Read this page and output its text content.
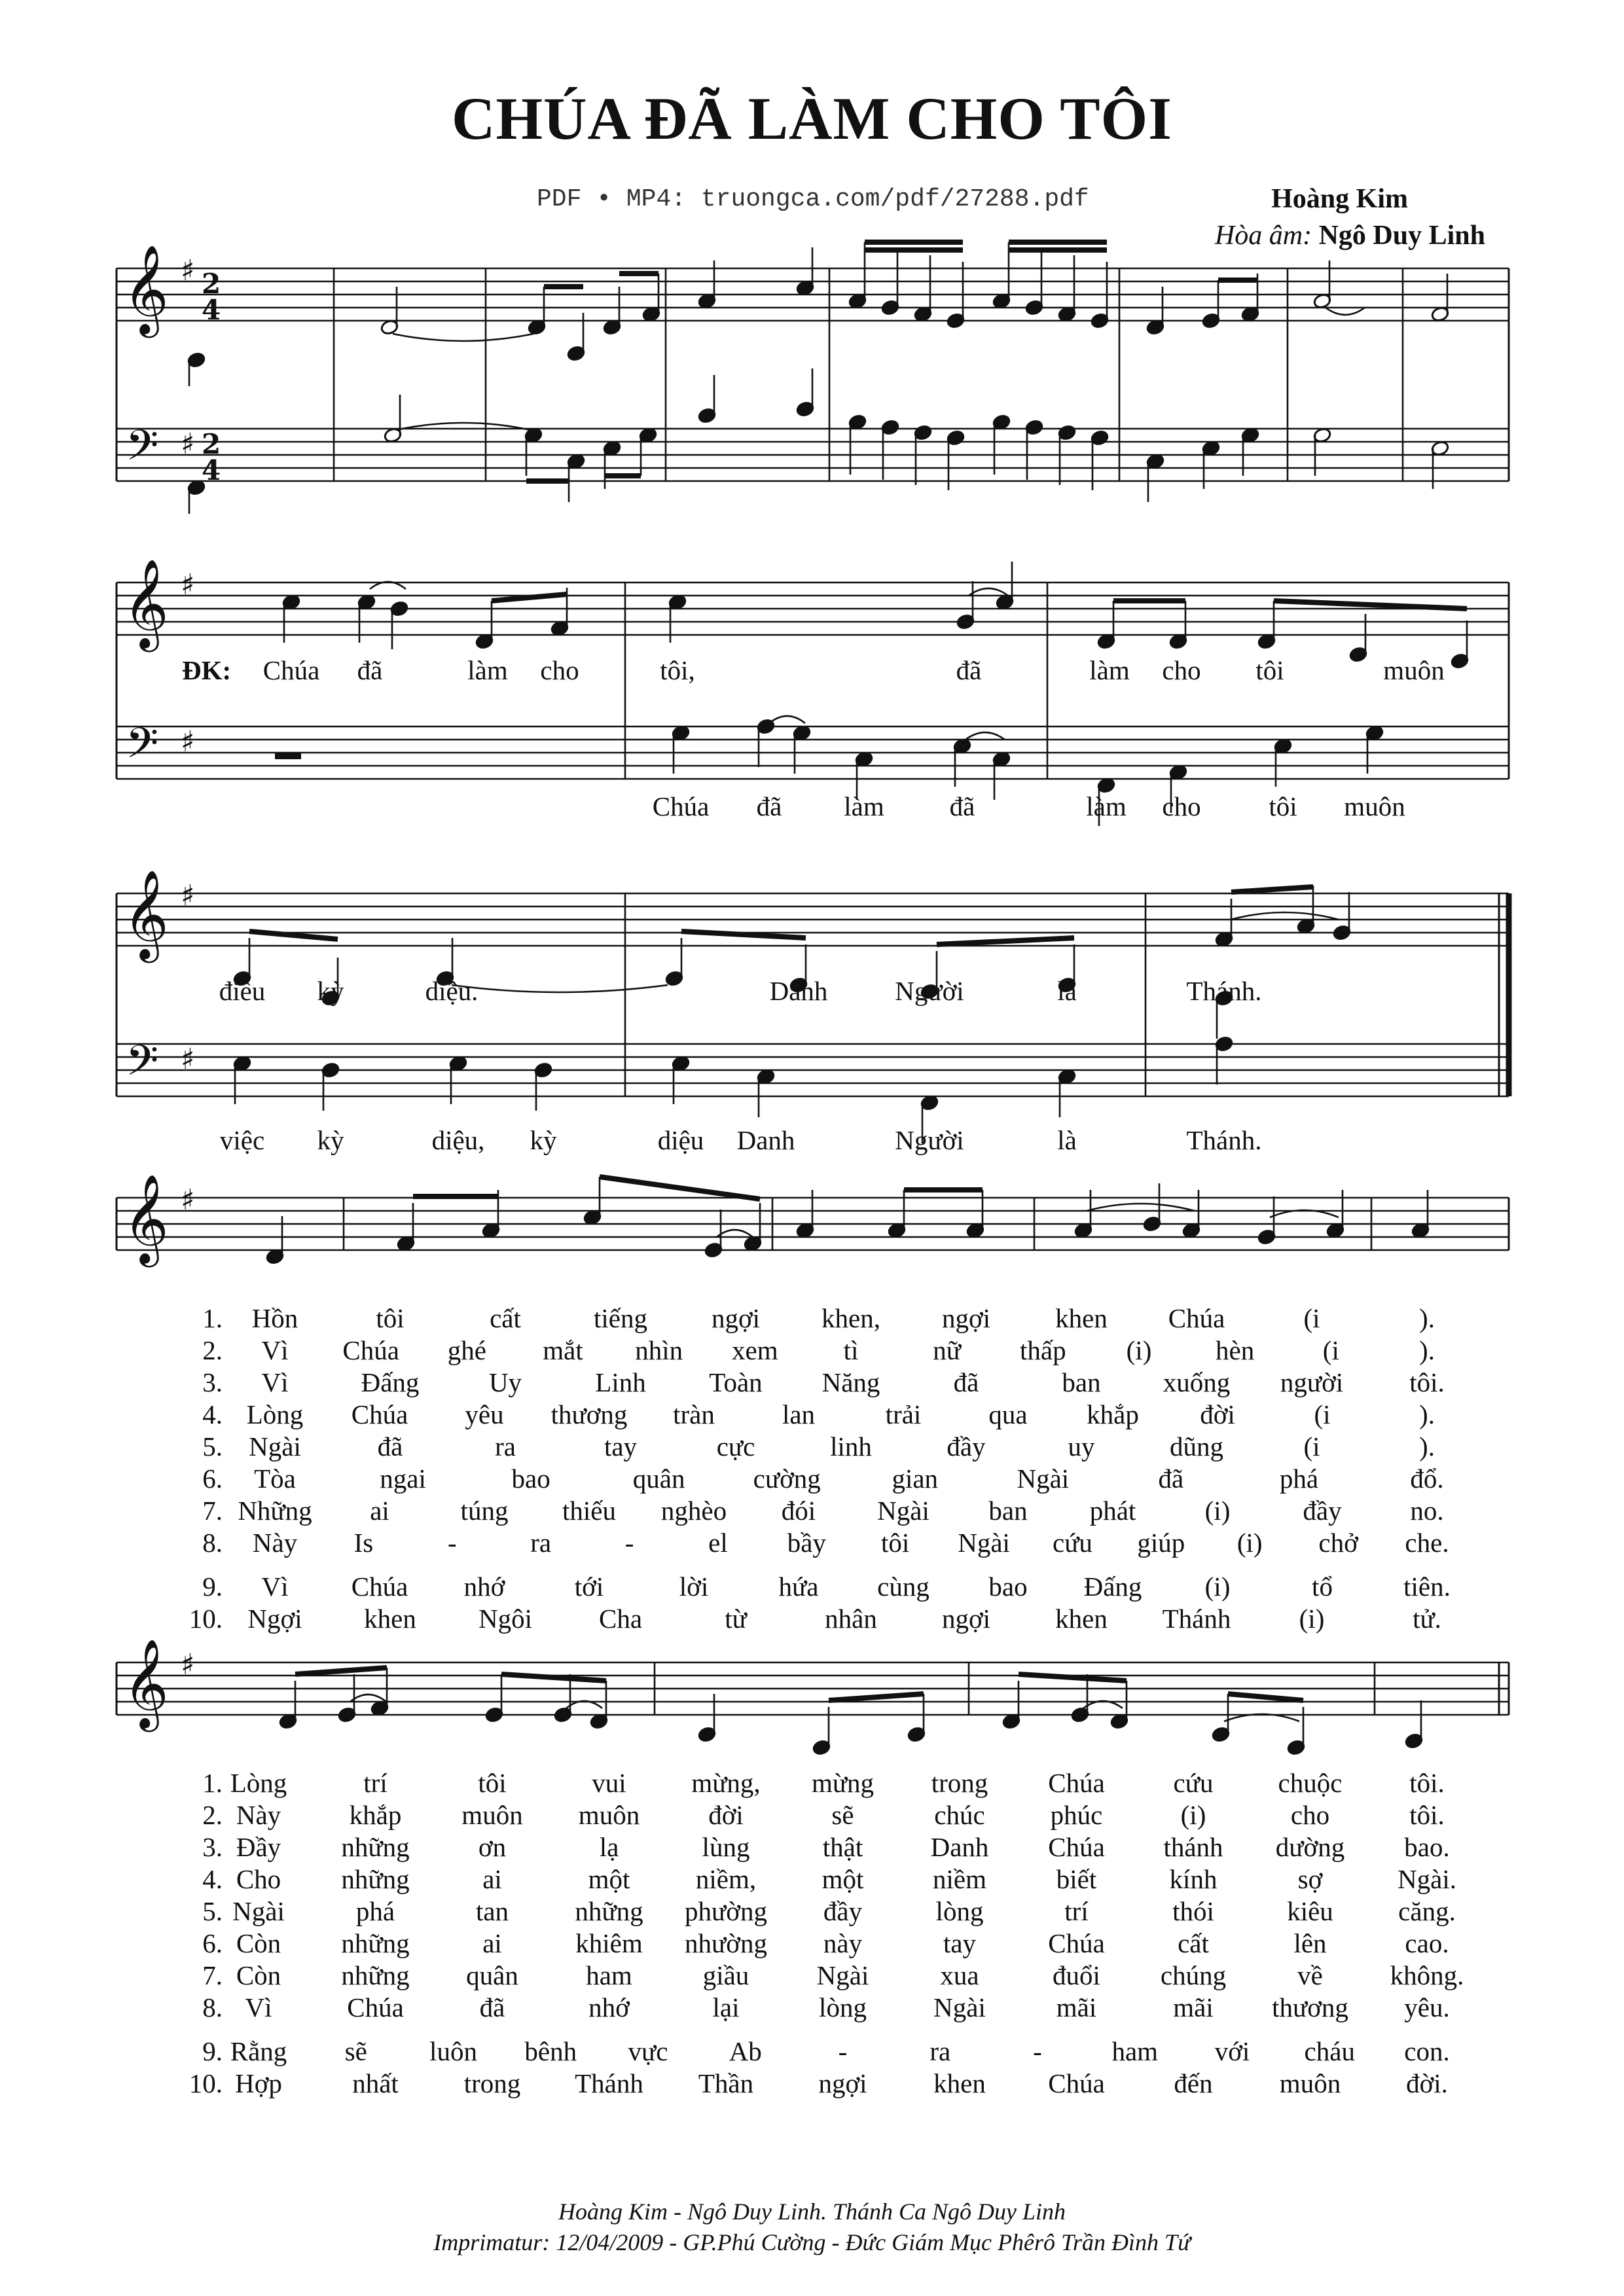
CHÚA ĐÃ LÀM CHO TÔI
PDF • MP4: truongca.com/pdf/27288.pdf	Hoàng Kim
Hòa âm: Ngô Duy Linh
𝄞
𝄢
♯
♯
2
4
2
4
𝄞
𝄢
♯
♯
𝄞
𝄢
♯
♯
𝄞 ♯
𝄞 ♯
ĐK: Chúa đã	làm cho	tôi,	đã	làm cho tôi	muôn
Chúa đã làm đã	làm cho	tôi muôn
điều kỳ	diệu.	Danh	Người	là	Thánh.
việc kỳ	diệu, kỳ	diệu Danh	Người	là	Thánh.
1. Hồn	tôi	cất	tiếng ngợi khen, ngợi khen Chúa	(i	).
2. Vì Chúa ghé mắt nhìn xem tì	nữ thấp (i) hèn	(i	).
3. Vì	Đấng	Uy	Linh Toàn Năng	đã	ban xuống người tôi.
4. Lòng Chúa yêu thương tràn	lan	trải	qua khắp đời	(i	).
5. Ngài	đã	ra	tay	cực	linh	đầy	uy	dũng	(i	).
6. Tòa	ngai	bao	quân	cường	gian	Ngài	đã	phá	đổ.
7. Những ai	túng thiếu nghèo đói Ngài ban phát	(i)	đầy	no.
8. Này Is	-	ra	-	el bầy tôi Ngài cứu giúp (i) chở che.
9. Vì Chúa nhớ	tới	lời	hứa cùng bao Đấng (i)	tổ	tiên.
10. Ngợi khen Ngôi Cha	từ	nhân ngợi khen Thánh	(i)	tử.
1. Lòng	trí	tôi	vui mừng, mừng trong Chúa	cứu chuộc	tôi.
2. Này	khắp muôn muôn	đời	sẽ	chúc phúc	(i)	cho	tôi.
3. Đầy những	ơn	lạ	lùng	thật	Danh Chúa thánh dường bao.
4. Cho những	ai	một niềm, một	niềm	biết	kính	sợ	Ngài.
5. Ngài	phá	tan những phường đầy	lòng	trí	thói	kiêu căng.
6. Còn những	ai	khiêm nhường này	tay	Chúa	cất	lên	cao.
7. Còn những quân	ham	giầu	Ngài	xua	đuổi chúng	về	không.
8. Vì	Chúa	đã	nhớ	lại	lòng Ngài	mãi	mãi thương yêu.
9. Rằng sẽ luôn bênh vực Ab	-	ra	-	ham với cháu con.
10. Hợp	nhất trong Thánh Thần ngợi khen Chúa	đến muôn đời.
Hoàng Kim - Ngô Duy Linh. Thánh Ca Ngô Duy Linh
Imprimatur: 12/04/2009 - GP.Phú Cường - Đức Giám Mục Phêrô Trần Đình Tứ
